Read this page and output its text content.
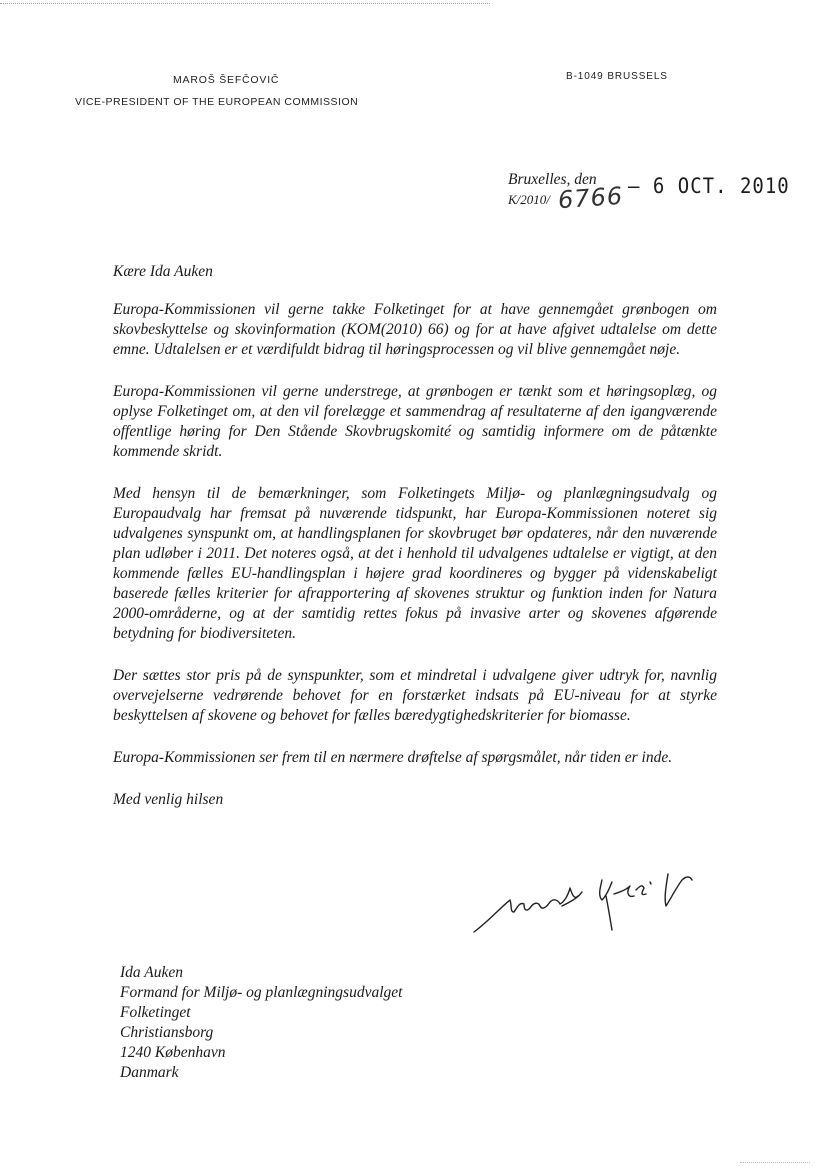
MAROŠ ŠEFČOVIČ
VICE-PRESIDENT OF THE EUROPEAN COMMISSION
B-1049 BRUSSELS
Bruxelles, den – 6 OCT. 2010
K/2010/ 6766
Kære Ida Auken

Europa-Kommissionen vil gerne takke Folketinget for at have gennemgået grønbogen om skovbeskyttelse og skovinformation (KOM(2010) 66) og for at have afgivet udtalelse om dette emne. Udtalelsen er et værdifuldt bidrag til høringsprocessen og vil blive gennemgået nøje.

Europa-Kommissionen vil gerne understrege, at grønbogen er tænkt som et høringsoplæg, og oplyse Folketinget om, at den vil forelægge et sammendrag af resultaterne af den igangværende offentlige høring for Den Stående Skovbrugskomité og samtidig informere om de påtænkte kommende skridt.

Med hensyn til de bemærkninger, som Folketingets Miljø- og planlægningsudvalg og Europaudvalg har fremsat på nuværende tidspunkt, har Europa-Kommissionen noteret sig udvalgenes synspunkt om, at handlingsplanen for skovbruget bør opdateres, når den nuværende plan udløber i 2011. Det noteres også, at det i henhold til udvalgenes udtalelse er vigtigt, at den kommende fælles EU-handlingsplan i højere grad koordineres og bygger på videnskabeligt baserede fælles kriterier for afrapportering af skovenes struktur og funktion inden for Natura 2000-områderne, og at der samtidig rettes fokus på invasive arter og skovenes afgørende betydning for biodiversiteten.

Der sættes stor pris på de synspunkter, som et mindretal i udvalgene giver udtryk for, navnlig overvejelserne vedrørende behovet for en forstærket indsats på EU-niveau for at styrke beskyttelsen af skovene og behovet for fælles bæredygtighedskriterier for biomasse.

Europa-Kommissionen ser frem til en nærmere drøftelse af spørgsmålet, når tiden er inde.

Med venlig hilsen

Ida Auken
Formand for Miljø- og planlægningsudvalget
Folketinget
Christiansborg
1240 København
Danmark
